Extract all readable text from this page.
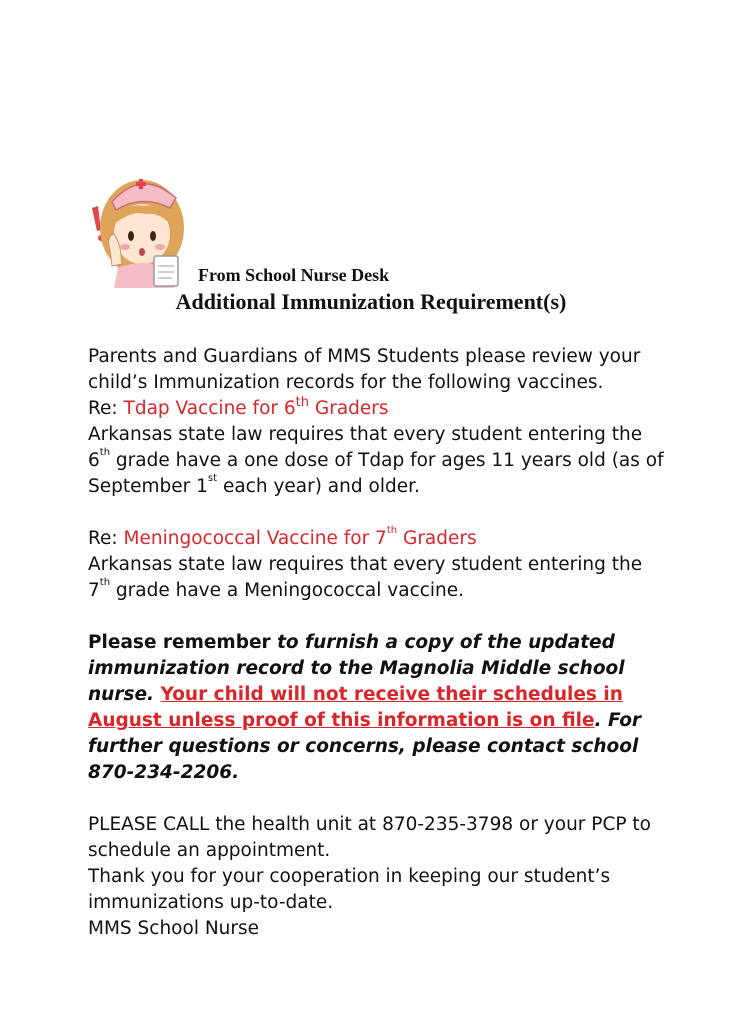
From School Nurse Desk
Additional Immunization Requirement(s)

Parents and Guardians of MMS Students please review your child’s Immunization records for the following vaccines.

Re: Tdap Vaccine for 6th Graders

Arkansas state law requires that every student entering the 6th grade have a one dose of Tdap for ages 11 years old (as of September 1st each year) and older.

Re: Meningococcal Vaccine for 7th Graders

Arkansas state law requires that every student entering the 7th grade have a Meningococcal vaccine.

Please remember to furnish a copy of the updated immunization record to the Magnolia Middle school nurse. Your child will not receive their schedules in August unless proof of this information is on file. For further questions or concerns, please contact school 870-234-2206.

PLEASE CALL the health unit at 870-235-3798 or your PCP to schedule an appointment.

Thank you for your cooperation in keeping our student’s immunizations up-to-date.

MMS School Nurse
